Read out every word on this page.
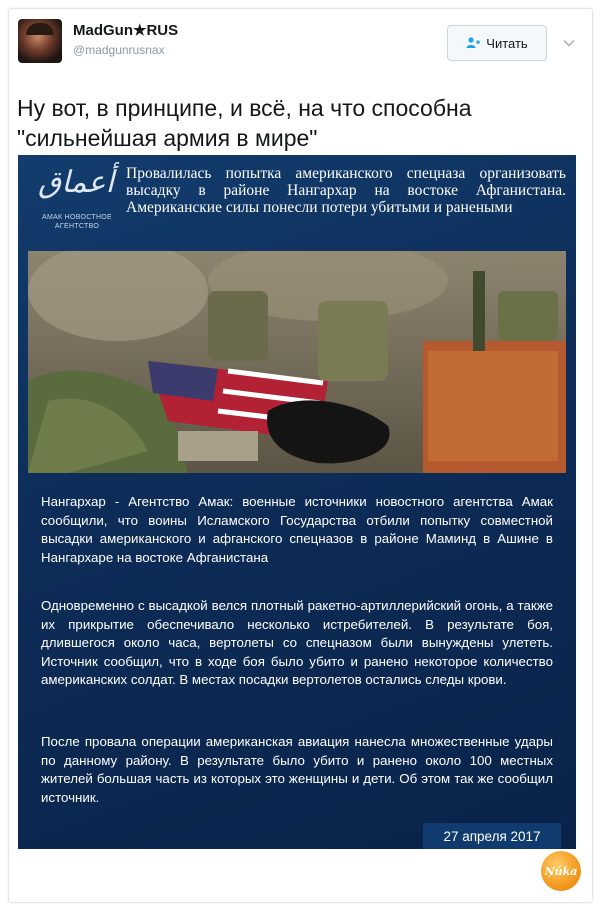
MadGun★RUS
@madgunrusnax	Читать
Ну вот, в принципе, и всё, на что способна "сильнейшая армия в мире"
أعماق
АМАК НОВОСТНОЕ АГЕНТСТВО
Провалилась попытка американского спецназа организовать высадку в районе Нангархар на востоке Афганистана. Американские силы понесли потери убитыми и ранеными
Нангархар - Агентство Амак: военные источники новостного агентства Амак сообщили, что воины Исламского Государства отбили попытку совместной высадки американского и афганского спецназов в районе Маминд в Ашине в Нангархаре на востоке Афганистана
Одновременно с высадкой велся плотный ракетно-артиллерийский огонь, а также их прикрытие обеспечивало несколько истребителей. В результате боя, длившегося около часа, вертолеты со спецназом были вынуждены улететь. Источник сообщил, что в ходе боя было убито и ранено некоторое количество американских солдат. В местах посадки вертолетов остались следы крови.
После провала операции американская авиация нанесла множественные удары по данному району. В результате было убито и ранено около 100 местных жителей большая часть из которых это женщины и дети. Об этом так же сообщил источник.
27 апреля 2017
Ņúka
